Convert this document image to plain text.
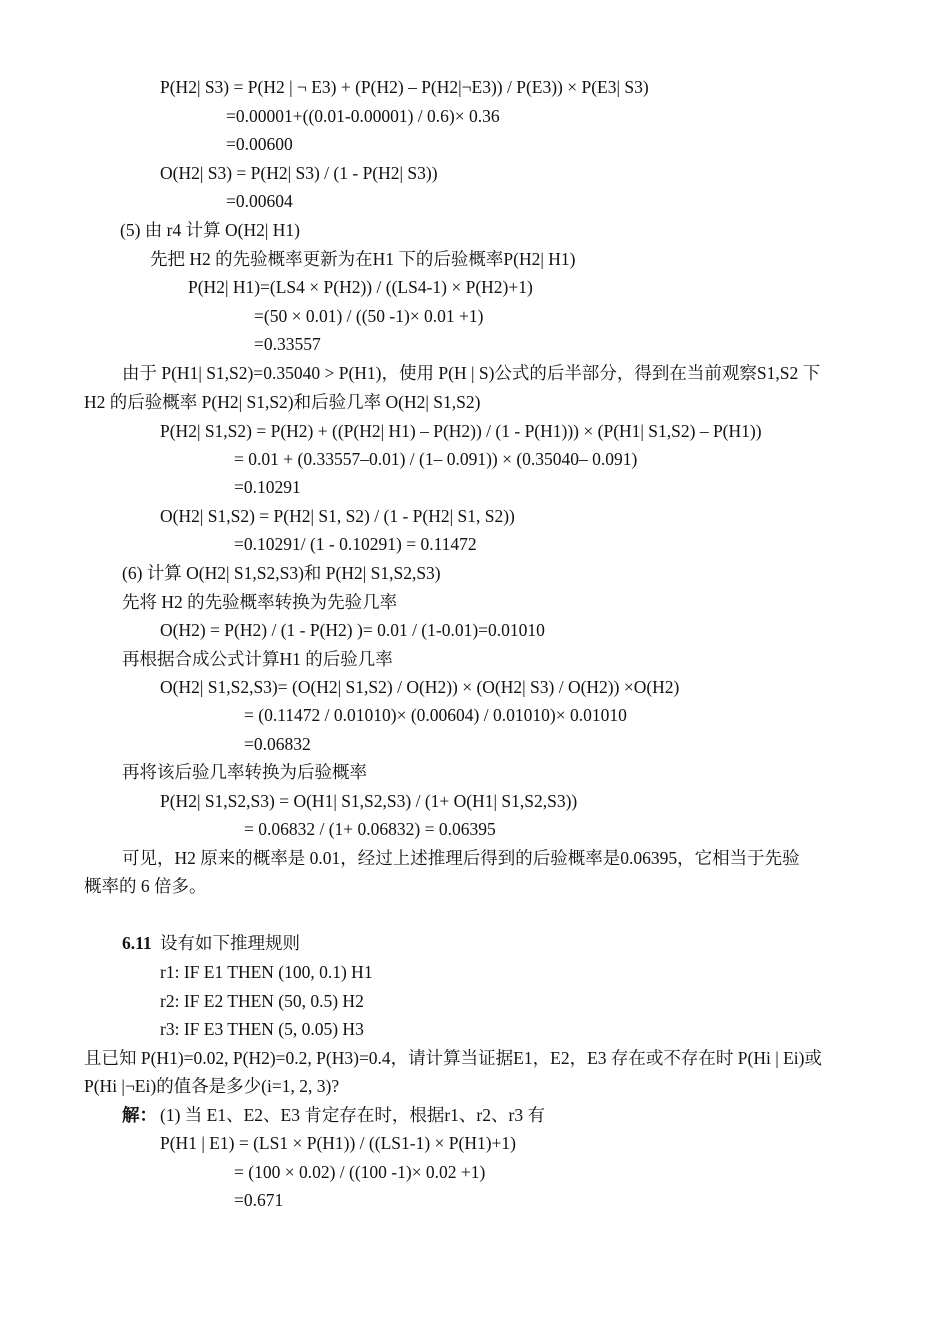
P(H2| S3) = P(H2 | ¬ E3) + (P(H2) – P(H2|¬E3)) / P(E3)) × P(E3| S3)
=0.00001+((0.01-0.00001) / 0.6)× 0.36
=0.00600
O(H2| S3) = P(H2| S3) / (1 - P(H2| S3))
=0.00604
(5) 由 r4 计算 O(H2| H1)
先把 H2 的先验概率更新为在H1 下的后验概率P(H2| H1)
P(H2| H1)=(LS4 × P(H2)) / ((LS4-1) × P(H2)+1)
=(50 × 0.01) / ((50 -1)× 0.01 +1)
=0.33557
由于 P(H1| S1,S2)=0.35040 > P(H1)，使用 P(H | S)公式的后半部分，得到在当前观察S1,S2 下
H2 的后验概率 P(H2| S1,S2)和后验几率 O(H2| S1,S2)
P(H2| S1,S2) = P(H2) + ((P(H2| H1) – P(H2)) / (1 - P(H1))) × (P(H1| S1,S2) – P(H1))
= 0.01 + (0.33557–0.01) / (1– 0.091)) × (0.35040– 0.091)
=0.10291
O(H2| S1,S2) = P(H2| S1, S2) / (1 - P(H2| S1, S2))
=0.10291/ (1 - 0.10291) = 0.11472
(6) 计算 O(H2| S1,S2,S3)和 P(H2| S1,S2,S3)
先将 H2 的先验概率转换为先验几率
O(H2) = P(H2) / (1 - P(H2) )= 0.01 / (1-0.01)=0.01010
再根据合成公式计算H1 的后验几率
O(H2| S1,S2,S3)= (O(H2| S1,S2) / O(H2)) × (O(H2| S3) / O(H2)) ×O(H2)
= (0.11472 / 0.01010)× (0.00604) / 0.01010)× 0.01010
=0.06832
再将该后验几率转换为后验概率
P(H2| S1,S2,S3) = O(H1| S1,S2,S3) / (1+ O(H1| S1,S2,S3))
= 0.06832 / (1+ 0.06832) = 0.06395
可见，H2 原来的概率是 0.01，经过上述推理后得到的后验概率是0.06395，它相当于先验
概率的 6 倍多。
6.11 设有如下推理规则
r1: IF E1 THEN (100, 0.1) H1
r2: IF E2 THEN (50, 0.5) H2
r3: IF E3 THEN (5, 0.05) H3
且已知 P(H1)=0.02, P(H2)=0.2, P(H3)=0.4，请计算当证据E1，E2，E3 存在或不存在时 P(Hi | Ei)或
P(Hi |¬Ei)的值各是多少(i=1, 2, 3)?
解： (1) 当 E1、E2、E3 肯定存在时，根据r1、r2、r3 有
P(H1 | E1) = (LS1 × P(H1)) / ((LS1-1) × P(H1)+1)
= (100 × 0.02) / ((100 -1)× 0.02 +1)
=0.671
